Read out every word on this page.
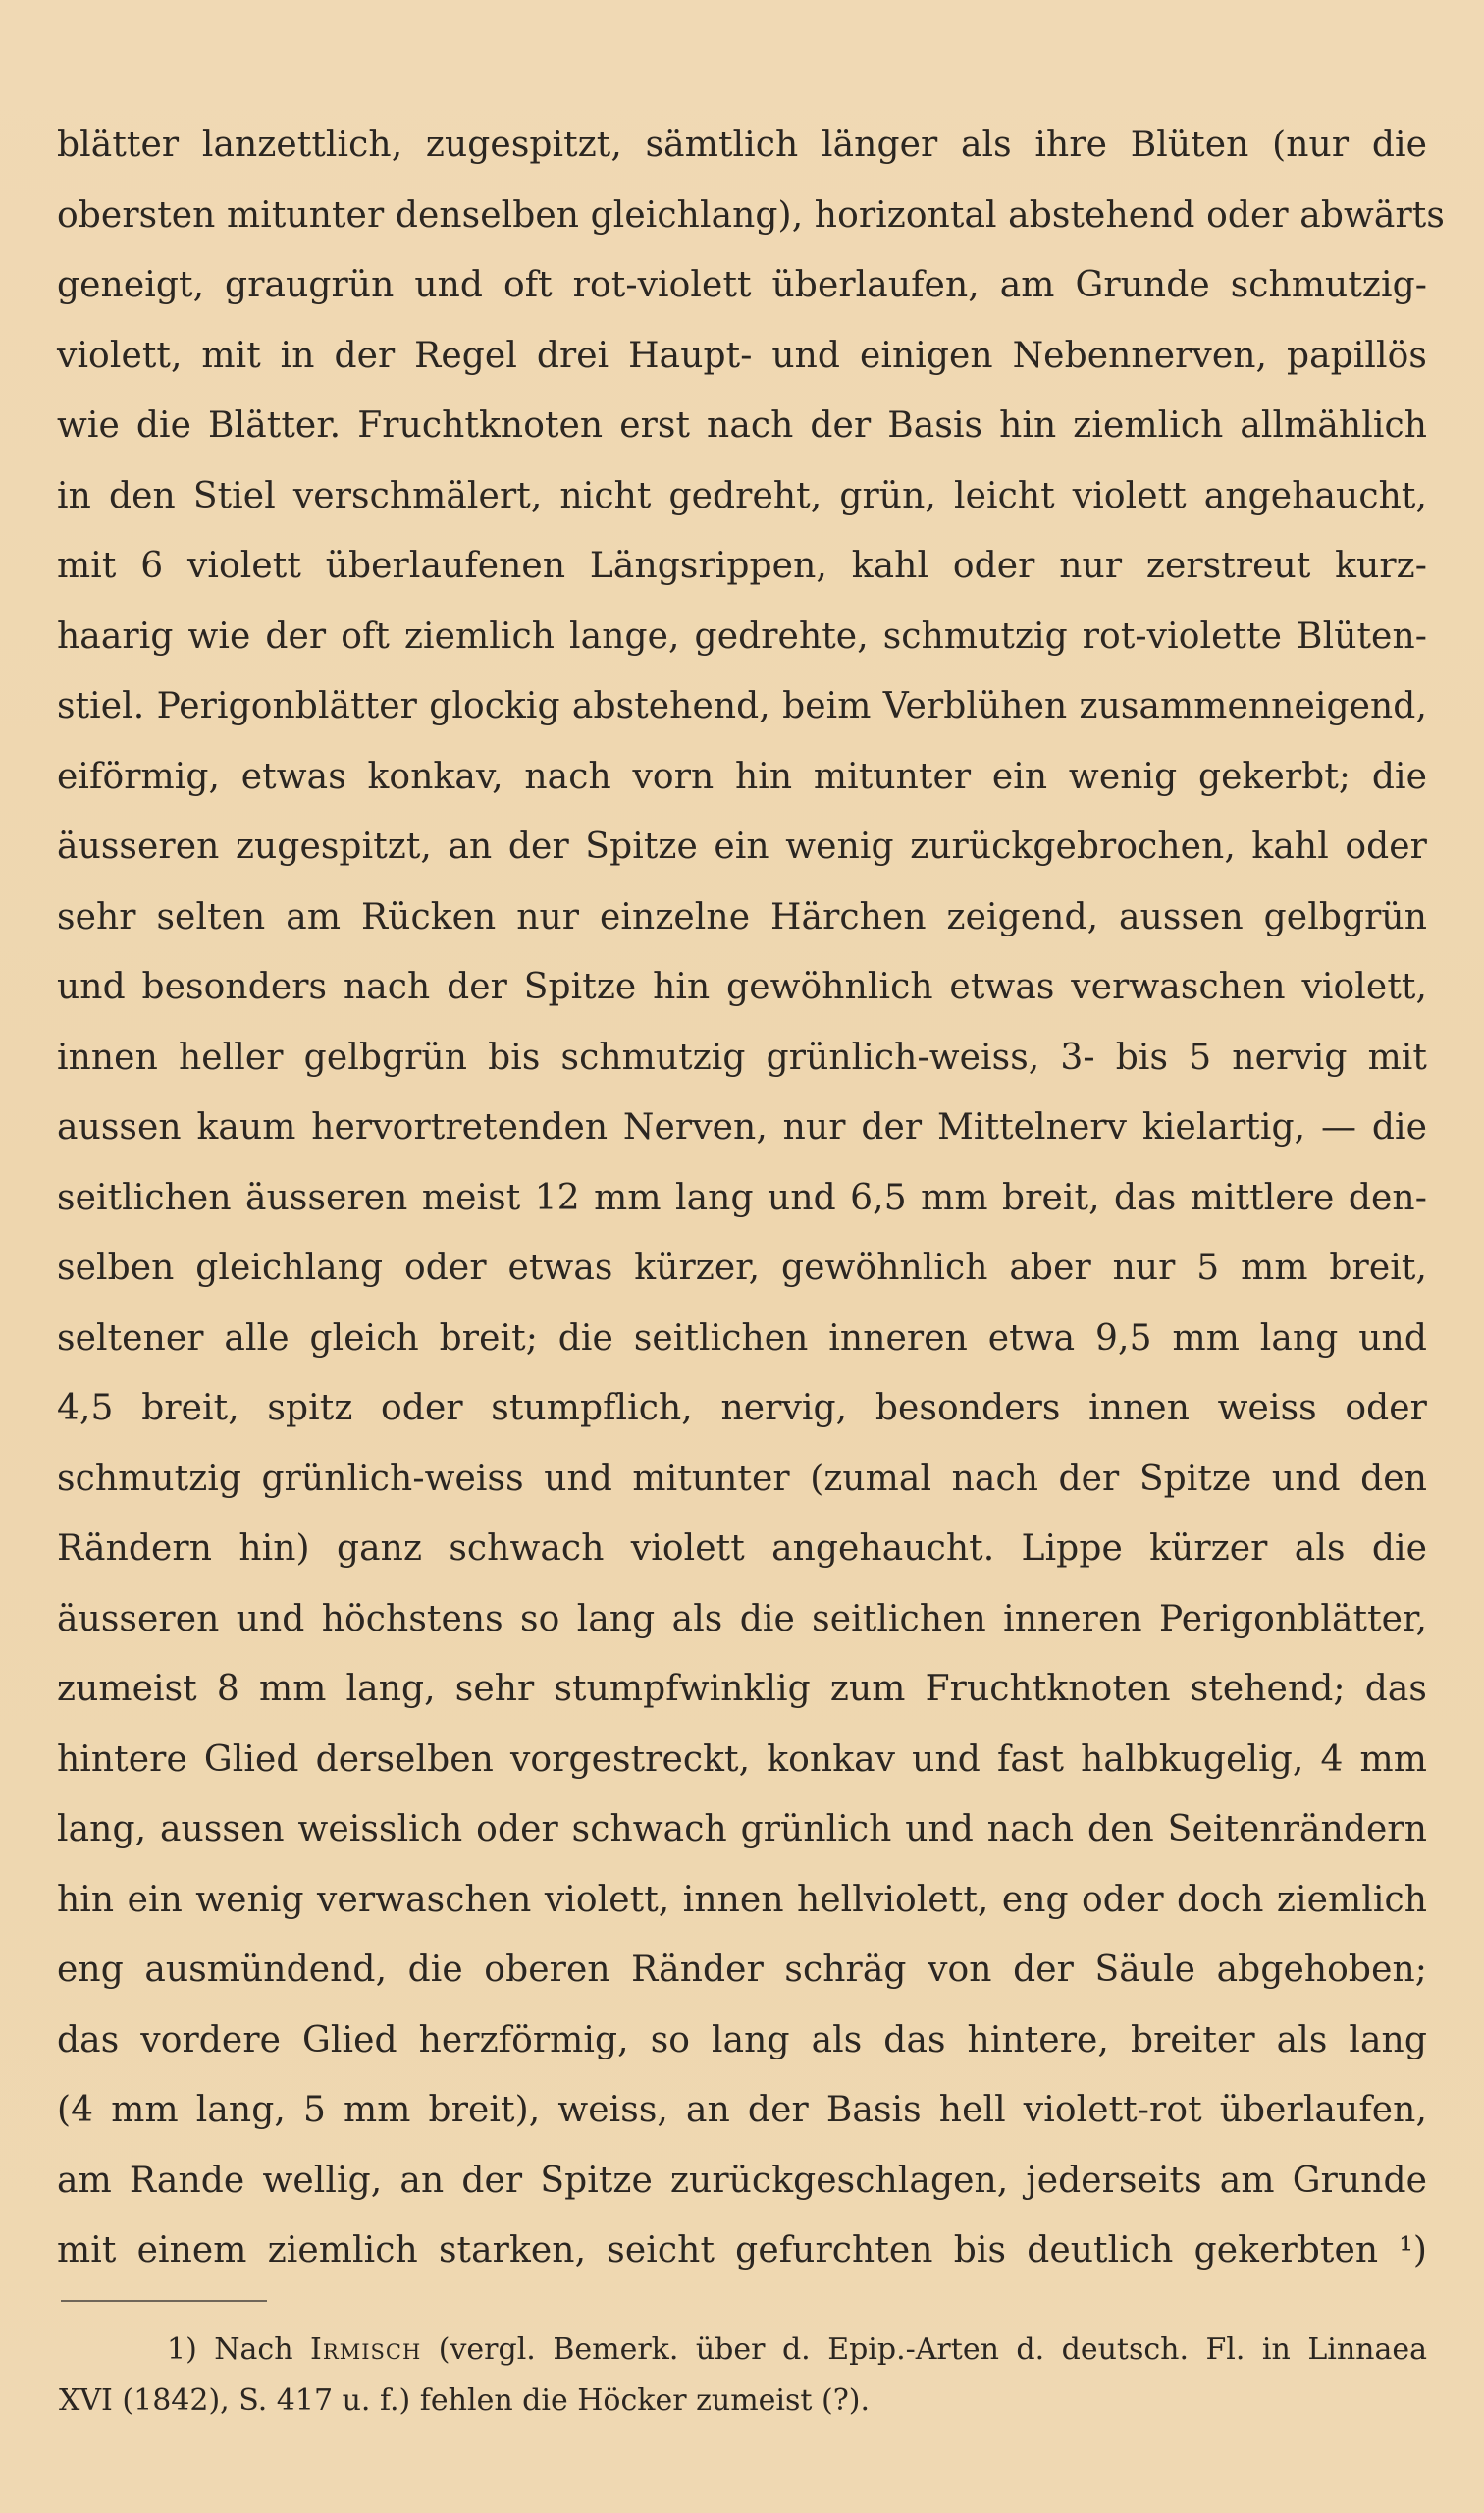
blätter lanzettlich, zugespitzt, sämtlich länger als ihre Blüten (nur die
obersten mitunter denselben gleichlang), horizontal abstehend oder abwärts
geneigt, graugrün und oft rot-violett überlaufen, am Grunde schmutzig-
violett, mit in der Regel drei Haupt- und einigen Nebennerven, papillös
wie die Blätter. Fruchtknoten erst nach der Basis hin ziemlich allmählich
in den Stiel verschmälert, nicht gedreht, grün, leicht violett angehaucht,
mit 6 violett überlaufenen Längsrippen, kahl oder nur zerstreut kurz-
haarig wie der oft ziemlich lange, gedrehte, schmutzig rot-violette Blüten-
stiel. Perigonblätter glockig abstehend, beim Verblühen zusammenneigend,
eiförmig, etwas konkav, nach vorn hin mitunter ein wenig gekerbt; die
äusseren zugespitzt, an der Spitze ein wenig zurückgebrochen, kahl oder
sehr selten am Rücken nur einzelne Härchen zeigend, aussen gelbgrün
und besonders nach der Spitze hin gewöhnlich etwas verwaschen violett,
innen heller gelbgrün bis schmutzig grünlich-weiss, 3- bis 5 nervig mit
aussen kaum hervortretenden Nerven, nur der Mittelnerv kielartig, — die
seitlichen äusseren meist 12 mm lang und 6,5 mm breit, das mittlere den-
selben gleichlang oder etwas kürzer, gewöhnlich aber nur 5 mm breit,
seltener alle gleich breit; die seitlichen inneren etwa 9,5 mm lang und
4,5 breit, spitz oder stumpflich, nervig, besonders innen weiss oder
schmutzig grünlich-weiss und mitunter (zumal nach der Spitze und den
Rändern hin) ganz schwach violett angehaucht. Lippe kürzer als die
äusseren und höchstens so lang als die seitlichen inneren Perigonblätter,
zumeist 8 mm lang, sehr stumpfwinklig zum Fruchtknoten stehend; das
hintere Glied derselben vorgestreckt, konkav und fast halbkugelig, 4 mm
lang, aussen weisslich oder schwach grünlich und nach den Seitenrändern
hin ein wenig verwaschen violett, innen hellviolett, eng oder doch ziemlich
eng ausmündend, die oberen Ränder schräg von der Säule abgehoben;
das vordere Glied herzförmig, so lang als das hintere, breiter als lang
(4 mm lang, 5 mm breit), weiss, an der Basis hell violett-rot überlaufen,
am Rande wellig, an der Spitze zurückgeschlagen, jederseits am Grunde
mit einem ziemlich starken, seicht gefurchten bis deutlich gekerbten ¹)
1) Nach Irmisch (vergl. Bemerk. über d. Epip.-Arten d. deutsch. Fl. in Linnaea
XVI (1842), S. 417 u. f.) fehlen die Höcker zumeist (?).
